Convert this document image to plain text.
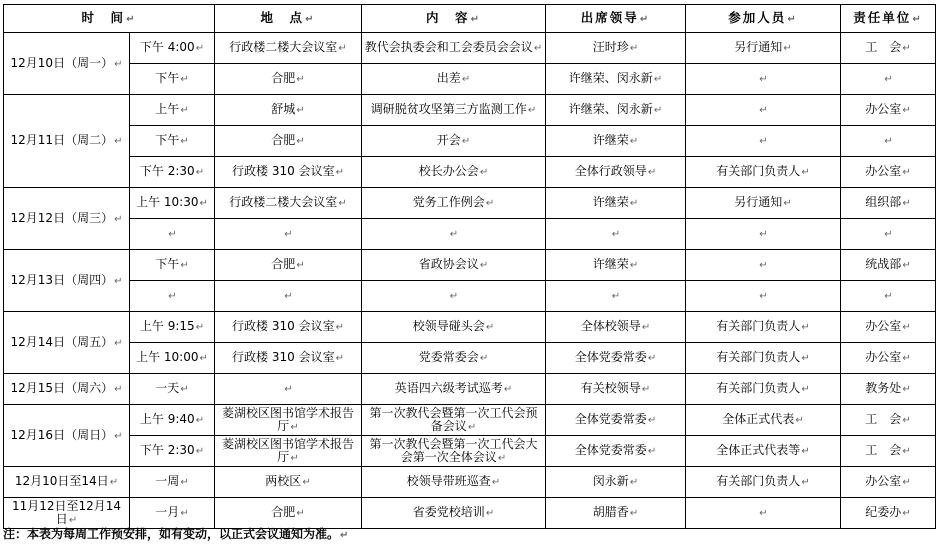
时　间↵		地　点↵	内　容↵	出席领导↵	参加人员↵	责任单位↵
12月10日（周一）↵	下午 4:00↵	行政楼二楼大会议室↵	教代会执委会和工会委员会会议↵	汪时珍↵	另行通知↵	工　会↵
	下午↵	合肥↵	出差↵	许继荣、闵永新↵	↵	↵
12月11日（周二）↵	上午↵	舒城↵	调研脱贫攻坚第三方监测工作↵	许继荣、闵永新↵	↵	办公室↵
	下午↵	合肥↵	开会↵	许继荣↵	↵	↵
	下午 2:30↵	行政楼 310 会议室↵	校长办公会↵	全体行政领导↵	有关部门负责人↵	办公室↵
12月12日（周三）↵	上午 10:30↵	行政楼二楼大会议室↵	党务工作例会↵	许继荣↵	另行通知↵	组织部↵
	↵	↵	↵	↵	↵	↵
12月13日（周四）↵	下午↵	合肥↵	省政协会议↵	许继荣↵	↵	统战部↵
	↵	↵	↵	↵	↵	↵
12月14日（周五）↵	上午 9:15↵	行政楼 310 会议室↵	校领导碰头会↵	全体校领导↵	有关部门负责人↵	办公室↵
	上午 10:00↵	行政楼 310 会议室↵	党委常委会↵	全体党委常委↵	有关部门负责人↵	办公室↵
12月15日（周六）↵	一天↵	↵	英语四六级考试巡考↵	有关校领导↵	有关部门负责人↵	教务处↵
12月16日（周日）↵	上午 9:40↵	菱湖校区图书馆学术报告厅↵	第一次教代会暨第一次工代会预备会议↵	全体党委常委↵	全体正式代表↵	工　会↵
	下午 2:30↵	菱湖校区图书馆学术报告厅↵	第一次教代会暨第一次工代会大会第一次全体会议↵	全体党委常委↵	全体正式代表等↵	工　会↵
12月10日至14日↵	一周↵	两校区↵	校领导带班巡查↵	闵永新↵	有关部门负责人↵	办公室↵
11月12日至12月14日↵	一月↵	合肥↵	省委党校培训↵	胡腊香↵	↵	纪委办↵
注：本表为每周工作预安排，如有变动，以正式会议通知为准。↵
